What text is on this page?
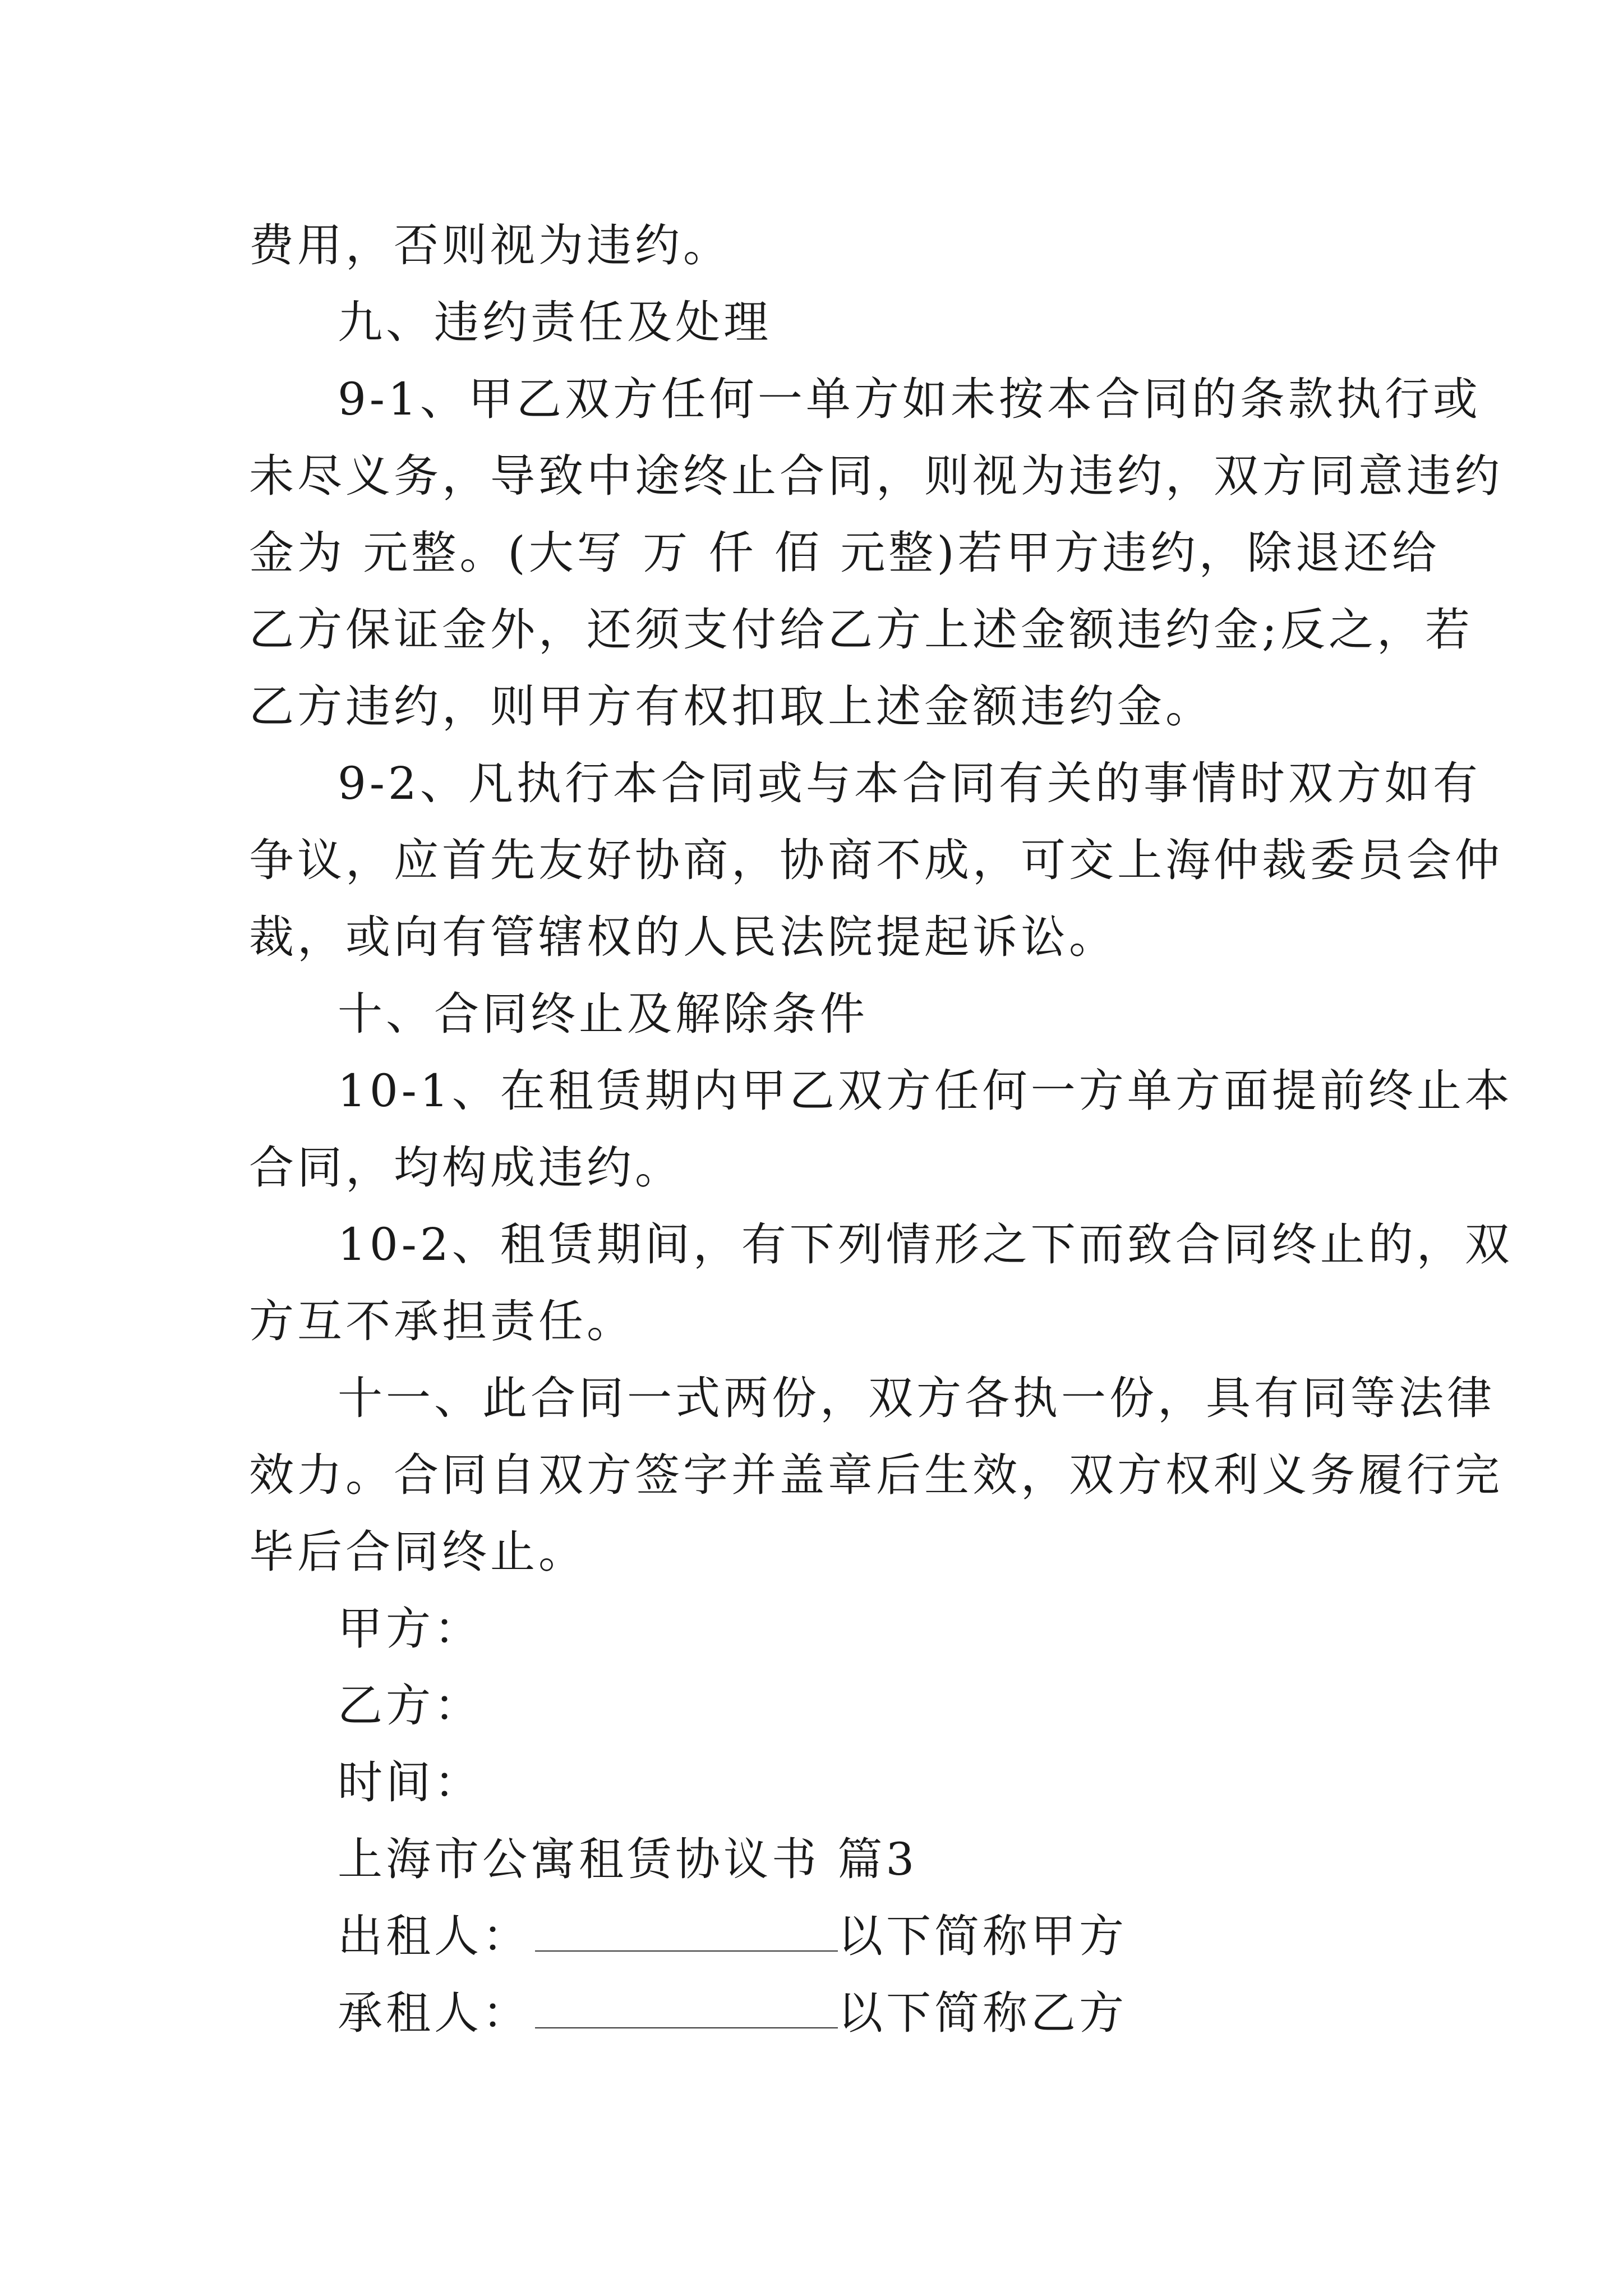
费用，否则视为违约。
九、违约责任及处理
9-1、甲乙双方任何一单方如未按本合同的条款执行或
未尽义务，导致中途终止合同，则视为违约，双方同意违约
金为 元整。(大写 万 仟 佰 元整)若甲方违约，除退还给
乙方保证金外，还须支付给乙方上述金额违约金;反之，若
乙方违约，则甲方有权扣取上述金额违约金。
9-2、凡执行本合同或与本合同有关的事情时双方如有
争议，应首先友好协商，协商不成，可交上海仲裁委员会仲
裁，或向有管辖权的人民法院提起诉讼。
十、合同终止及解除条件
10-1、在租赁期内甲乙双方任何一方单方面提前终止本
合同，均构成违约。
10-2、租赁期间，有下列情形之下而致合同终止的，双
方互不承担责任。
十一、此合同一式两份，双方各执一份，具有同等法律
效力。合同自双方签字并盖章后生效，双方权利义务履行完
毕后合同终止。
甲方：
乙方：
时间：
上海市公寓租赁协议书 篇3
出租人：	以下简称甲方
承租人：	以下简称乙方
